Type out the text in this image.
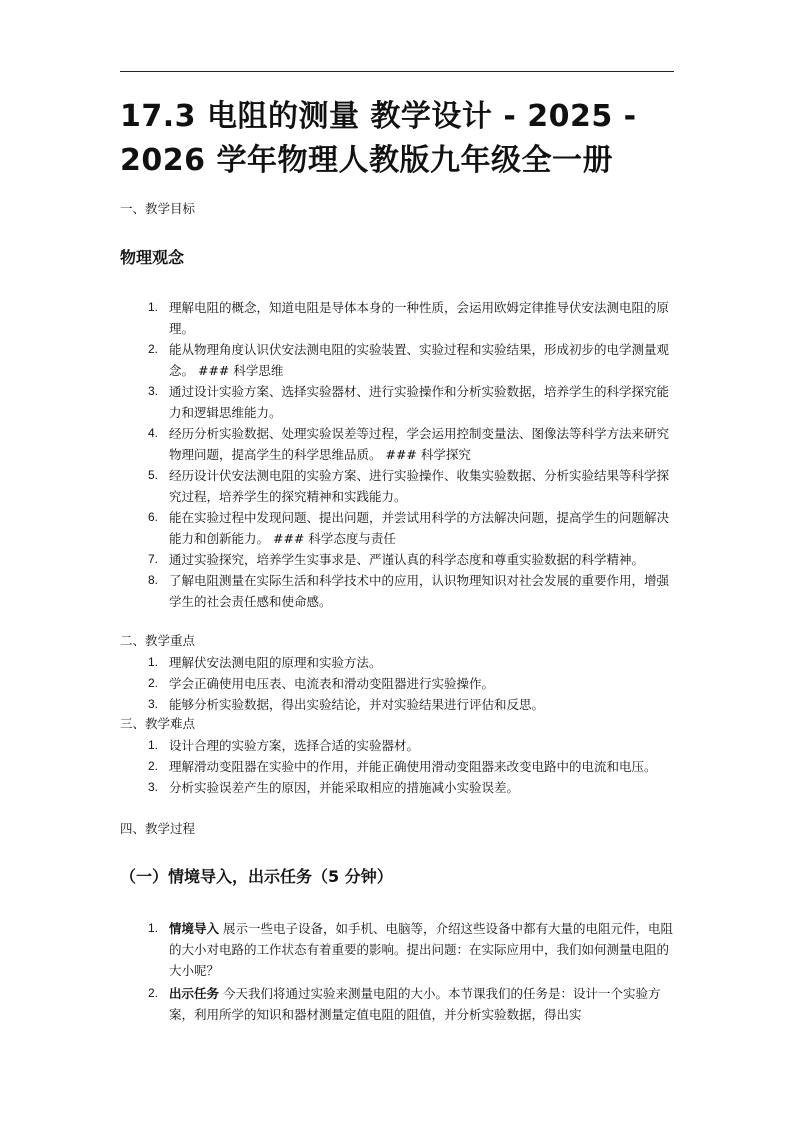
17.3 电阻的测量 教学设计 - 2025 - 2026 学年物理人教版九年级全一册
一、教学目标
物理观念
1. 理解电阻的概念，知道电阻是导体本身的一种性质，会运用欧姆定律推导伏安法测电阻的原理。
2. 能从物理角度认识伏安法测电阻的实验装置、实验过程和实验结果，形成初步的电学测量观念。 ### 科学思维
3. 通过设计实验方案、选择实验器材、进行实验操作和分析实验数据，培养学生的科学探究能力和逻辑思维能力。
4. 经历分析实验数据、处理实验误差等过程，学会运用控制变量法、图像法等科学方法来研究物理问题，提高学生的科学思维品质。 ### 科学探究
5. 经历设计伏安法测电阻的实验方案、进行实验操作、收集实验数据、分析实验结果等科学探究过程，培养学生的探究精神和实践能力。
6. 能在实验过程中发现问题、提出问题，并尝试用科学的方法解决问题，提高学生的问题解决能力和创新能力。 ### 科学态度与责任
7. 通过实验探究，培养学生实事求是、严谨认真的科学态度和尊重实验数据的科学精神。
8. 了解电阻测量在实际生活和科学技术中的应用，认识物理知识对社会发展的重要作用，增强学生的社会责任感和使命感。
二、教学重点
1. 理解伏安法测电阻的原理和实验方法。
2. 学会正确使用电压表、电流表和滑动变阻器进行实验操作。
3. 能够分析实验数据，得出实验结论，并对实验结果进行评估和反思。
三、教学难点
1. 设计合理的实验方案，选择合适的实验器材。
2. 理解滑动变阻器在实验中的作用，并能正确使用滑动变阻器来改变电路中的电流和电压。
3. 分析实验误差产生的原因，并能采取相应的措施减小实验误差。
四、教学过程
（一）情境导入，出示任务（5 分钟）
1. 情境导入 展示一些电子设备，如手机、电脑等，介绍这些设备中都有大量的电阻元件，电阻的大小对电路的工作状态有着重要的影响。提出问题：在实际应用中，我们如何测量电阻的大小呢？
2. 出示任务 今天我们将通过实验来测量电阻的大小。本节课我们的任务是：设计一个实验方案，利用所学的知识和器材测量定值电阻的阻值，并分析实验数据，得出实
